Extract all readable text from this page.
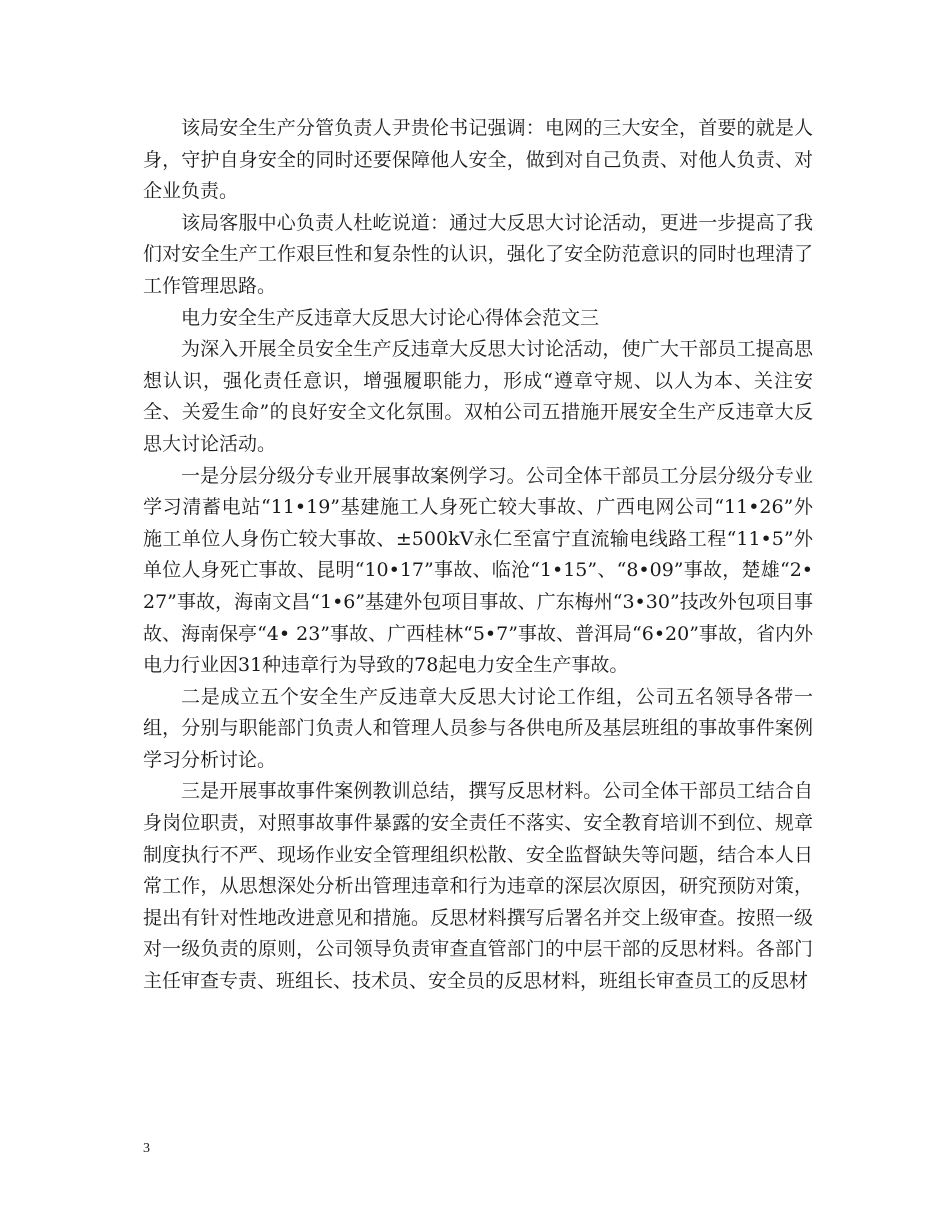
该局安全生产分管负责人尹贵伦书记强调：电网的三大安全，首要的就是人身，守护自身安全的同时还要保障他人安全，做到对自己负责、对他人负责、对企业负责。

该局客服中心负责人杜屹说道：通过大反思大讨论活动，更进一步提高了我们对安全生产工作艰巨性和复杂性的认识，强化了安全防范意识的同时也理清了工作管理思路。

电力安全生产反违章大反思大讨论心得体会范文三

为深入开展全员安全生产反违章大反思大讨论活动，使广大干部员工提高思想认识，强化责任意识，增强履职能力，形成“遵章守规、以人为本、关注安全、关爱生命”的良好安全文化氛围。双柏公司五措施开展安全生产反违章大反思大讨论活动。

一是分层分级分专业开展事故案例学习。公司全体干部员工分层分级分专业学习清蓄电站“11•19”基建施工人身死亡较大事故、广西电网公司“11•26”外施工单位人身伤亡较大事故、±500kV永仁至富宁直流输电线路工程“11•5”外单位人身死亡事故、昆明“10•17”事故、临沧“1•15”、“8•09”事故，楚雄“2•27”事故，海南文昌“1•6”基建外包项目事故、广东梅州“3•30”技改外包项目事故、海南保亭“4• 23”事故、广西桂林“5•7”事故、普洱局“6•20”事故，省内外电力行业因31种违章行为导致的78起电力安全生产事故。

二是成立五个安全生产反违章大反思大讨论工作组，公司五名领导各带一组，分别与职能部门负责人和管理人员参与各供电所及基层班组的事故事件案例学习分析讨论。

三是开展事故事件案例教训总结，撰写反思材料。公司全体干部员工结合自身岗位职责，对照事故事件暴露的安全责任不落实、安全教育培训不到位、规章制度执行不严、现场作业安全管理组织松散、安全监督缺失等问题，结合本人日常工作，从思想深处分析出管理违章和行为违章的深层次原因，研究预防对策，提出有针对性地改进意见和措施。反思材料撰写后署名并交上级审查。按照一级对一级负责的原则，公司领导负责审查直管部门的中层干部的反思材料。各部门主任审查专责、班组长、技术员、安全员的反思材料，班组长审查员工的反思材

3
